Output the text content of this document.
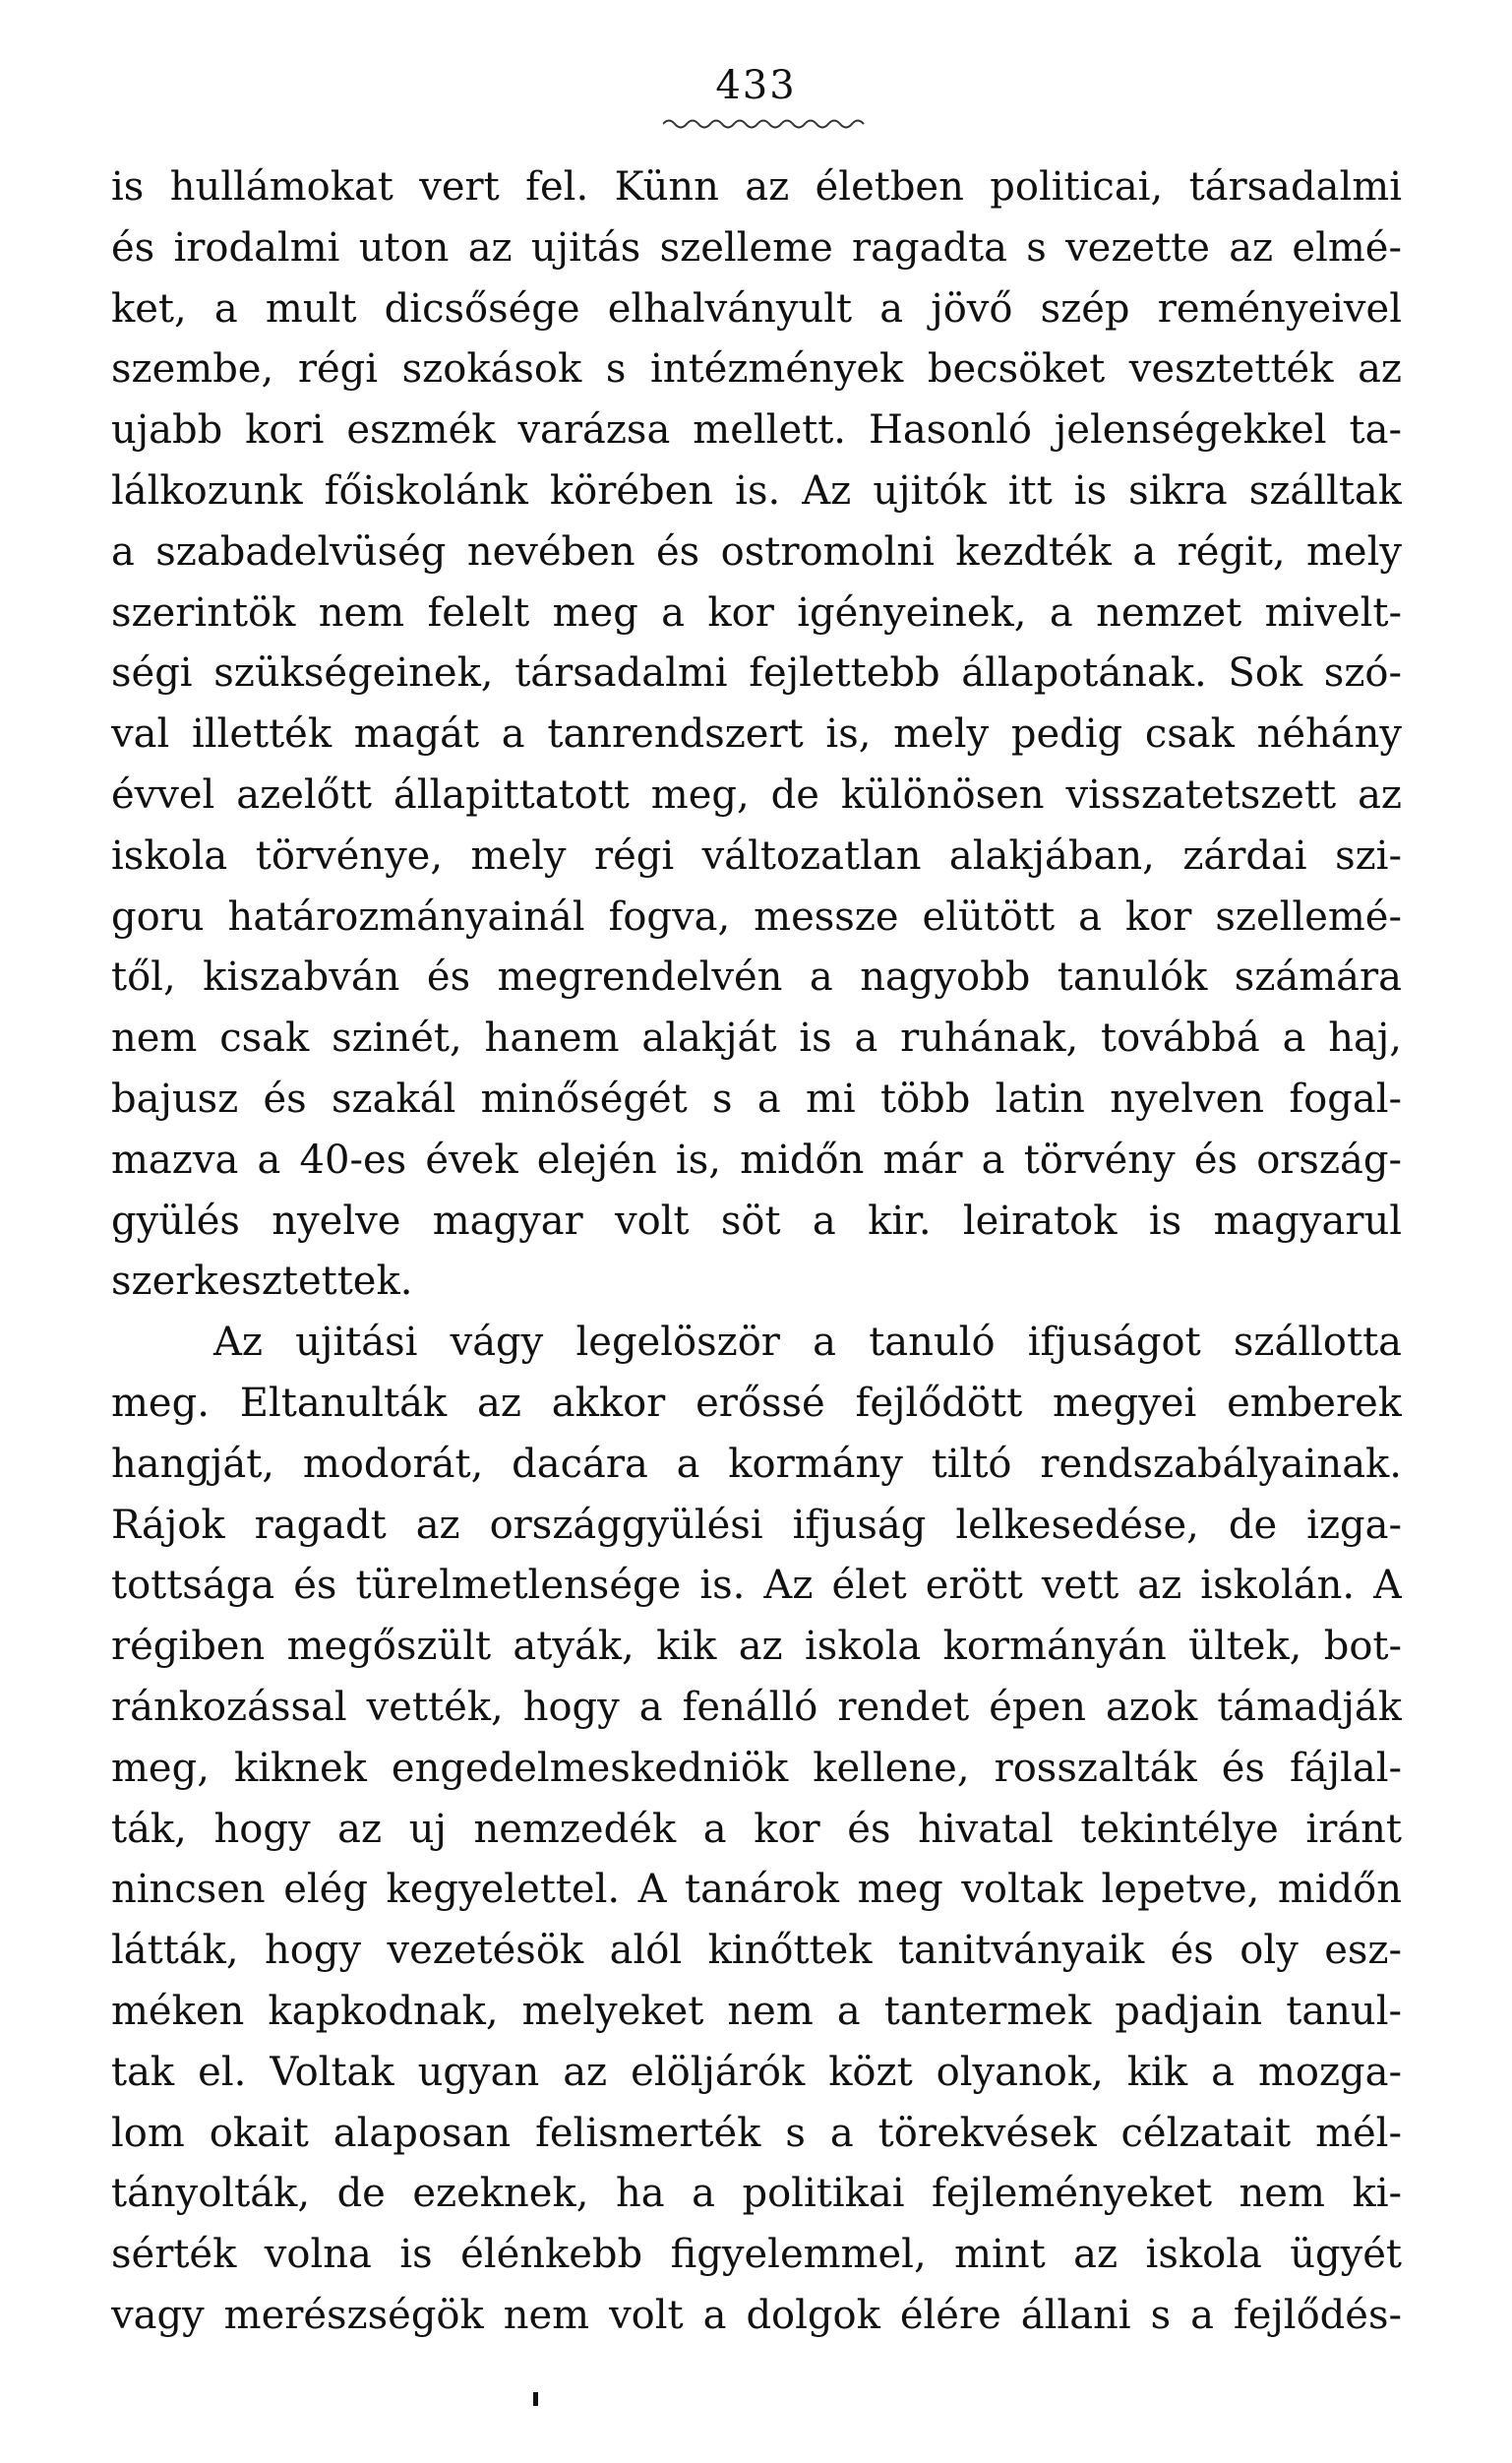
433
is hullámokat vert fel. Künn az életben politicai, társadalmi
és irodalmi uton az ujitás szelleme ragadta s vezette az elmé-
ket, a mult dicsősége elhalványult a jövő szép reményeivel
szembe, régi szokások s intézmények becsöket vesztették az
ujabb kori eszmék varázsa mellett. Hasonló jelenségekkel ta-
lálkozunk főiskolánk körében is. Az ujitók itt is sikra szálltak
a szabadelvüség nevében és ostromolni kezdték a régit, mely
szerintök nem felelt meg a kor igényeinek, a nemzet mivelt-
ségi szükségeinek, társadalmi fejlettebb állapotának. Sok szó-
val illették magát a tanrendszert is, mely pedig csak néhány
évvel azelőtt állapittatott meg, de különösen visszatetszett az
iskola törvénye, mely régi változatlan alakjában, zárdai szi-
goru határozmányainál fogva, messze elütött a kor szellemé-
től, kiszabván és megrendelvén a nagyobb tanulók számára
nem csak szinét, hanem alakját is a ruhának, továbbá a haj,
bajusz és szakál minőségét s a mi több latin nyelven fogal-
mazva a 40-es évek elején is, midőn már a törvény és ország-
gyülés nyelve magyar volt söt a kir. leiratok is magyarul
szerkesztettek.
Az ujitási vágy legelöször a tanuló ifjuságot szállotta
meg. Eltanulták az akkor erőssé fejlődött megyei emberek
hangját, modorát, dacára a kormány tiltó rendszabályainak.
Rájok ragadt az országgyülési ifjuság lelkesedése, de izga-
tottsága és türelmetlensége is. Az élet erött vett az iskolán. A
régiben megőszült atyák, kik az iskola kormányán ültek, bot-
ránkozással vették, hogy a fenálló rendet épen azok támadják
meg, kiknek engedelmeskedniök kellene, rosszalták és fájlal-
ták, hogy az uj nemzedék a kor és hivatal tekintélye iránt
nincsen elég kegyelettel. A tanárok meg voltak lepetve, midőn
látták, hogy vezetésök alól kinőttek tanitványaik és oly esz-
méken kapkodnak, melyeket nem a tantermek padjain tanul-
tak el. Voltak ugyan az elöljárók közt olyanok, kik a mozga-
lom okait alaposan felismerték s a törekvések célzatait mél-
tányolták, de ezeknek, ha a politikai fejleményeket nem ki-
sérték volna is élénkebb figyelemmel, mint az iskola ügyét
vagy merészségök nem volt a dolgok élére állani s a fejlődés-
